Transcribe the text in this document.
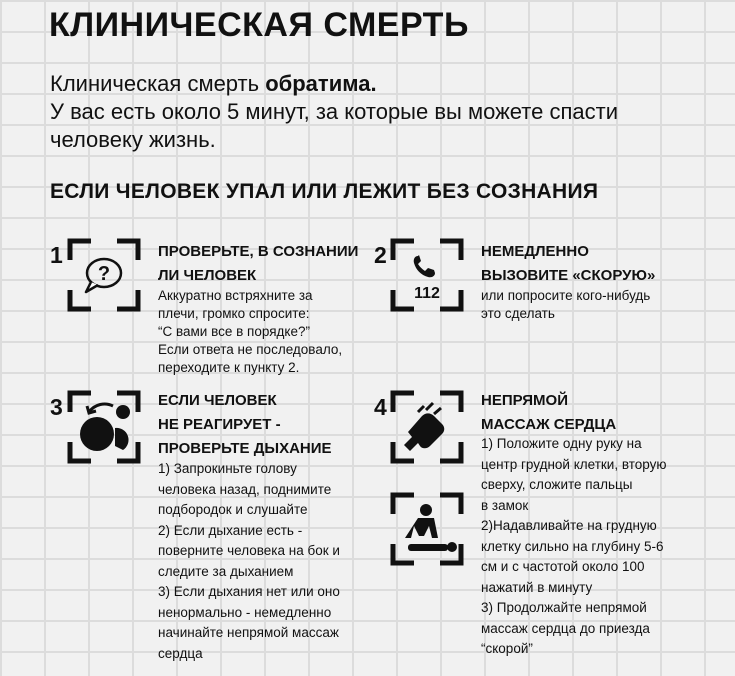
КЛИНИЧЕСКАЯ СМЕРТЬ
Клиническая смерть обратима.
У вас есть около 5 минут, за которые вы можете спасти
человеку жизнь.
ЕСЛИ ЧЕЛОВЕК УПАЛ ИЛИ ЛЕЖИТ БЕЗ СОЗНАНИЯ
1
?
ПРОВЕРЬТЕ, В СОЗНАНИИ
ЛИ ЧЕЛОВЕК
Аккуратно встряхните за
плечи, громко спросите:
“С вами все в порядке?”
Если ответа не последовало,
переходите к пункту 2.
2
112
НЕМЕДЛЕННО
ВЫЗОВИТЕ «СКОРУЮ»
или попросите кого-нибудь
это сделать
3	ЕСЛИ ЧЕЛОВЕК
НЕ РЕАГИРУЕТ -
ПРОВЕРЬТЕ ДЫХАНИЕ
1) Запрокиньте голову
человека назад, поднимите
подбородок и слушайте
2) Если дыхание есть -
поверните человека на бок и
следите за дыханием
3) Если дыхания нет или оно
ненормально - немедленно
начинайте непрямой массаж
сердца
4	НЕПРЯМОЙ
МАССАЖ СЕРДЦА
1) Положите одну руку на
центр грудной клетки, вторую
сверху, сложите пальцы
в замок
2)Надавливайте на грудную
клетку сильно на глубину 5-6
см и с частотой около 100
нажатий в минуту
3) Продолжайте непрямой
массаж сердца до приезда
“скорой”
